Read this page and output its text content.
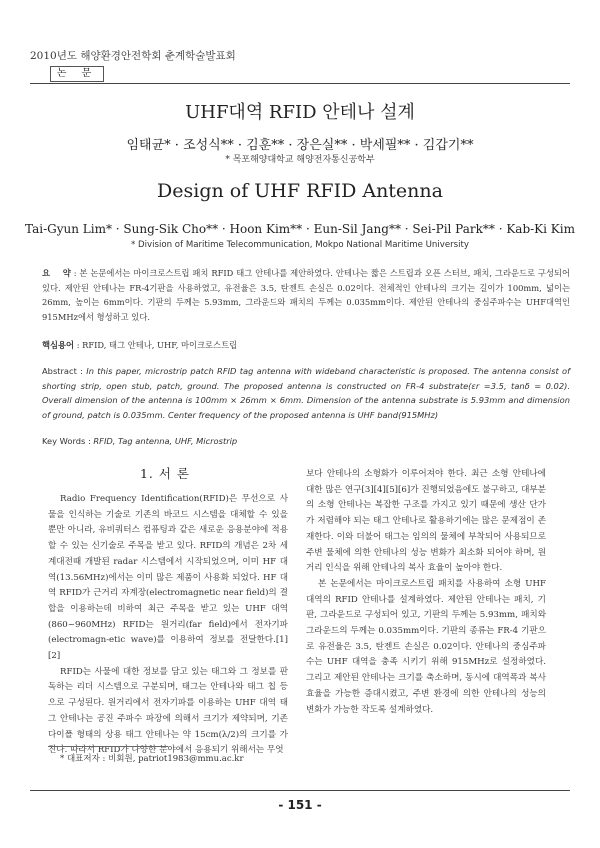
2010년도 해양환경안전학회 춘계학술발표회
논 문
UHF대역 RFID 안테나 설계
임태균* · 조성식** · 김훈** · 장은실** · 박세필** · 김갑기**
* 목포해양대학교 해양전자통신공학부
Design of UHF RFID Antenna
Tai-Gyun Lim* · Sung-Sik Cho** · Hoon Kim** · Eun-Sil Jang** · Sei-Pil Park** · Kab-Ki Kim
* Division of Maritime Telecommunication, Mokpo National Maritime University
요    약 : 본 논문에서는 마이크로스트립 패치 RFID 태그 안테나를 제안하였다. 안테나는 짧은 스트립과 오픈 스터브, 패치, 그라운드로 구성되어있다. 제안된 안테나는 FR-4기판을 사용하였고, 유전율은 3.5, 탄젠트 손실은 0.02이다. 전체적인 안테나의 크기는 길이가 100mm, 넓이는 26mm, 높이는 6mm이다. 기판의 두께는 5.93mm, 그라운드와 패치의 두께는 0.035mm이다. 제안된 안테나의 중심주파수는 UHF대역인 915MHz에서 형성하고 있다.
핵심용어 : RFID, 태그 안테나, UHF, 마이크로스트립
Abstract : In this paper, microstrip patch RFID tag antenna with wideband characteristic is proposed. The antenna consist of shorting strip, open stub, patch, ground. The proposed antenna is constructed on FR-4 substrate(εr =3.5, tanδ = 0.02). Overall dimension of the antenna is 100mm × 26mm × 6mm. Dimension of the antenna substrate is 5.93mm and dimension of ground, patch is 0.035mm. Center frequency of the proposed antenna is UHF band(915MHz)
Key Words : RFID, Tag antenna, UHF, Microstrip
1. 서 론

Radio Frequency Identification(RFID)은 무선으로 사물을 인식하는 기술로 기존의 바코드 시스템을 대체할 수 있을 뿐만 아니라, 유비쿼터스 컴퓨팅과 같은 새로운 응용분야에 적용할 수 있는 신기술로 주목을 받고 있다. RFID의 개념은 2차 세계대전때 개발된 radar 시스템에서 시작되었으며, 이미 HF 대역(13.56MHz)에서는 이미 많은 제품이 사용화 되었다. HF 대역 RFID가 근거리 자계장(electromagnetic near field)의 결합을 이용하는데 비하여 최근 주목을 받고 있는 UHF 대역(860~960MHz) RFID는 원거리(far field)에서 전자기파(electromagn-etic wave)를 이용하여 정보를 전달한다.[1][2]

RFID는 사물에 대한 정보를 담고 있는 태그와 그 정보를 판독하는 리더 시스템으로 구분되며, 태그는 안테나와 태그 칩 등으로 구성된다. 원거리에서 전자기파를 이용하는 UHF 대역 태그 안테나는 공진 주파수 파장에 의해서 크기가 제약되며, 기존 다이폴 형태의 상용 태그 안테나는 약 15cm(λ/2)의 크기를 가진다. 따라서 RFID가 다양한 분야에서 응용되기 위해서는 무엇

보다 안테나의 소형화가 이루어져야 한다. 최근 소형 안테나에 대한 많은 연구[3][4][5][6]가 진행되었음에도 불구하고, 대부분의 소형 안테나는 복잡한 구조를 가지고 있기 때문에 생산 단가가 저렴해야 되는 태그 안테나로 활용하기에는 많은 문제점이 존재한다. 이와 더불어 태그는 임의의 물체에 부착되어 사용되므로 주변 물체에 의한 안테나의 성능 변화가 최소화 되어야 하며, 원거리 인식을 위해 안테나의 복사 효율이 높아야 한다.

본 논문에서는 마이크로스트립 패치를 사용하여 소형 UHF 대역의 RFID 안테나를 설계하였다. 제안된 안테나는 패치, 기판, 그라운드로 구성되어 있고, 기판의 두께는 5.93mm, 패치와 그라운드의 두께는 0.035mm이다. 기판의 종류는 FR-4 기판으로 유전율은 3.5, 탄젠트 손실은 0.02이다. 안테나의 중심주파수는 UHF 대역을 충족 시키기 위해 915MHz로 설정하였다. 그리고 제안된 안테나는 크기를 축소하며, 동시에 대역폭과 복사 효율을 가능한 증대시켰고, 주변 환경에 의한 안테나의 성능의 변화가 가능한 작도록 설계하였다.

* 대표저자 : 비회원, patriot1983@mmu.ac.kr
- 151 -
